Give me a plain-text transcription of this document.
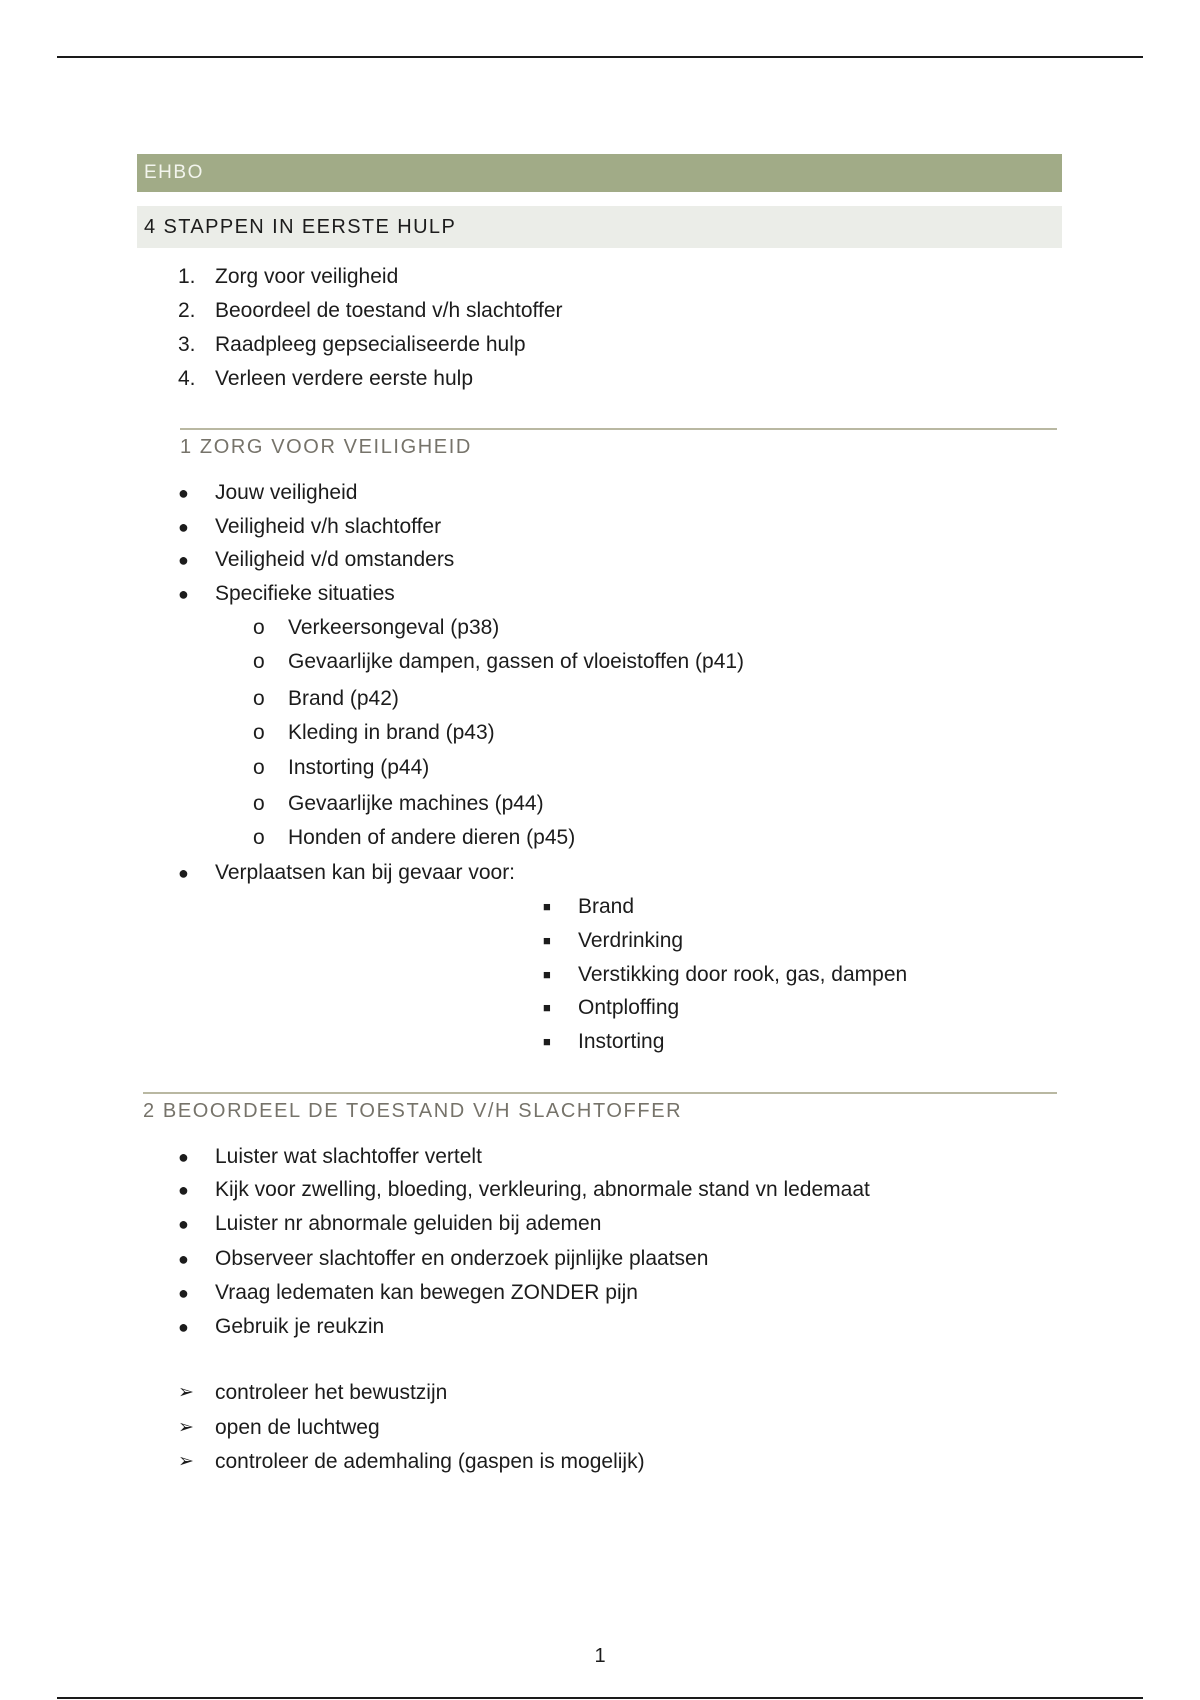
EHBO
4 STAPPEN IN EERSTE HULP
1. Zorg voor veiligheid
2. Beoordeel de toestand v/h slachtoffer
3. Raadpleeg gepsecialiseerde hulp
4. Verleen verdere eerste hulp
1 ZORG VOOR VEILIGHEID
● Jouw veiligheid
● Veiligheid v/h slachtoffer
● Veiligheid v/d omstanders
● Specifieke situaties
o Verkeersongeval (p38)
o Gevaarlijke dampen, gassen of vloeistoffen (p41)
o Brand (p42)
o Kleding in brand (p43)
o Instorting (p44)
o Gevaarlijke machines (p44)
o Honden of andere dieren (p45)
● Verplaatsen kan bij gevaar voor:
■ Brand
■ Verdrinking
■ Verstikking door rook, gas, dampen
■ Ontploffing
■ Instorting
2 BEOORDEEL DE TOESTAND V/H SLACHTOFFER
● Luister wat slachtoffer vertelt
● Kijk voor zwelling, bloeding, verkleuring, abnormale stand vn ledemaat
● Luister nr abnormale geluiden bij ademen
● Observeer slachtoffer en onderzoek pijnlijke plaatsen
● Vraag ledematen kan bewegen ZONDER pijn
● Gebruik je reukzin
➢ controleer het bewustzijn
➢ open de luchtweg
➢ controleer de ademhaling (gaspen is mogelijk)
1
